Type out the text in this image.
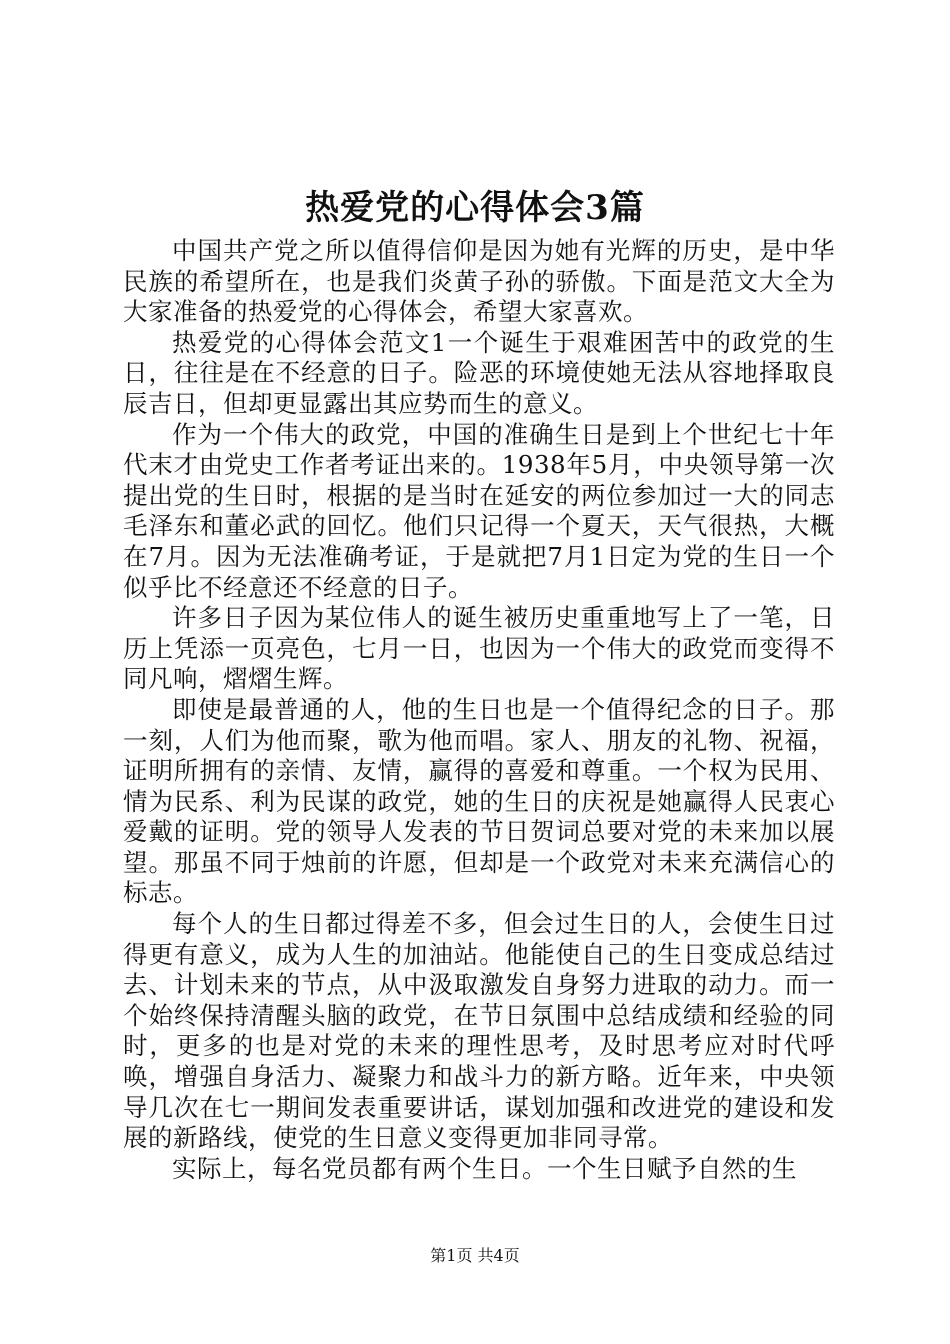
热爱党的心得体会3篇

中国共产党之所以值得信仰是因为她有光辉的历史，是中华民族的希望所在，也是我们炎黄子孙的骄傲。下面是范文大全为大家准备的热爱党的心得体会，希望大家喜欢。

热爱党的心得体会范文1一个诞生于艰难困苦中的政党的生日，往往是在不经意的日子。险恶的环境使她无法从容地择取良辰吉日，但却更显露出其应势而生的意义。

作为一个伟大的政党，中国的准确生日是到上个世纪七十年代末才由党史工作者考证出来的。1938年5月，中央领导第一次提出党的生日时，根据的是当时在延安的两位参加过一大的同志毛泽东和董必武的回忆。他们只记得一个夏天，天气很热，大概在7月。因为无法准确考证，于是就把7月1日定为党的生日一个似乎比不经意还不经意的日子。

许多日子因为某位伟人的诞生被历史重重地写上了一笔，日历上凭添一页亮色，七月一日，也因为一个伟大的政党而变得不同凡响，熠熠生辉。

即使是最普通的人，他的生日也是一个值得纪念的日子。那一刻，人们为他而聚，歌为他而唱。家人、朋友的礼物、祝福，证明所拥有的亲情、友情，赢得的喜爱和尊重。一个权为民用、情为民系、利为民谋的政党，她的生日的庆祝是她赢得人民衷心爱戴的证明。党的领导人发表的节日贺词总要对党的未来加以展望。那虽不同于烛前的许愿，但却是一个政党对未来充满信心的标志。

每个人的生日都过得差不多，但会过生日的人，会使生日过得更有意义，成为人生的加油站。他能使自己的生日变成总结过去、计划未来的节点，从中汲取激发自身努力进取的动力。而一个始终保持清醒头脑的政党，在节日氛围中总结成绩和经验的同时，更多的也是对党的未来的理性思考，及时思考应对时代呼唤，增强自身活力、凝聚力和战斗力的新方略。近年来，中央领导几次在七一期间发表重要讲话，谋划加强和改进党的建设和发展的新路线，使党的生日意义变得更加非同寻常。

实际上，每名党员都有两个生日。一个生日赋予自然的生

第1页 共4页
